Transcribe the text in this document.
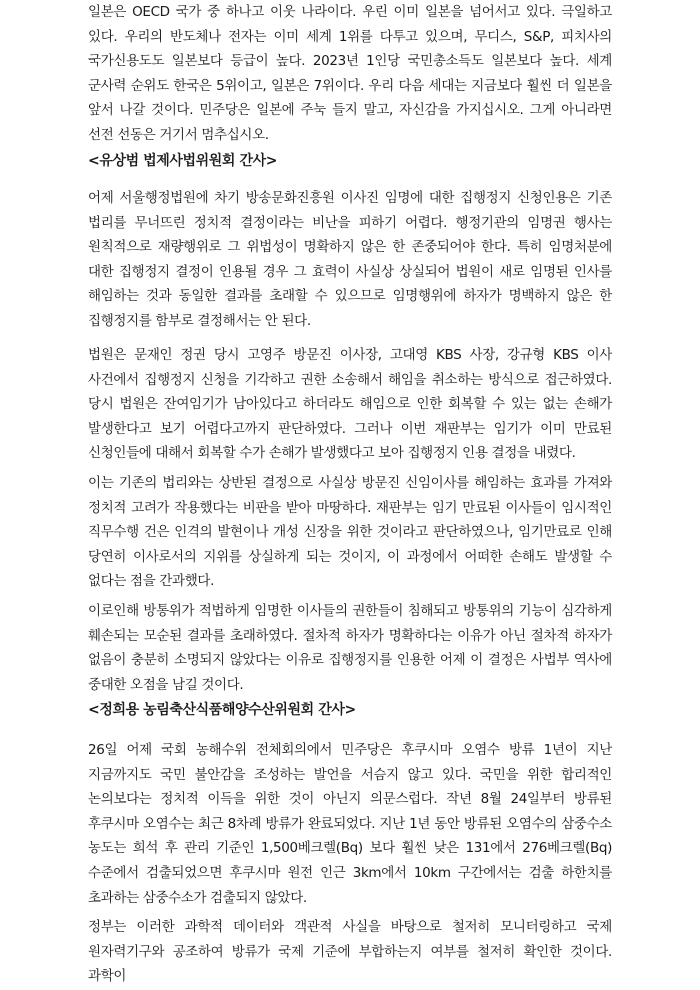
일본은 OECD 국가 중 하나고 이웃 나라이다. 우린 이미 일본을 넘어서고 있다. 극일하고 있다. 우리의 반도체나 전자는 이미 세계 1위를 다투고 있으며, 무디스, S&P, 피치사의 국가신용도도 일본보다 등급이 높다. 2023년 1인당 국민총소득도 일본보다 높다. 세계 군사력 순위도 한국은 5위이고, 일본은 7위이다. 우리 다음 세대는 지금보다 훨씬 더 일본을 앞서 나갈 것이다. 민주당은 일본에 주눅 들지 말고, 자신감을 가지십시오. 그게 아니라면 선전 선동은 거기서 멈추십시오.

<유상범 법제사법위원회 간사>

어제 서울행정법원에 차기 방송문화진흥원 이사진 임명에 대한 집행정지 신청인용은 기존 법리를 무너뜨린 정치적 결정이라는 비난을 피하기 어렵다. 행정기관의 임명권 행사는 원칙적으로 재량행위로 그 위법성이 명확하지 않은 한 존중되어야 한다. 특히 임명처분에 대한 집행정지 결정이 인용될 경우 그 효력이 사실상 상실되어 법원이 새로 임명된 인사를 해임하는 것과 동일한 결과를 초래할 수 있으므로 임명행위에 하자가 명백하지 않은 한 집행정지를 함부로 결정해서는 안 된다.

법원은 문재인 정권 당시 고영주 방문진 이사장, 고대영 KBS 사장, 강규형 KBS 이사 사건에서 집행정지 신청을 기각하고 권한 소송해서 해임을 취소하는 방식으로 접근하였다. 당시 법원은 잔여임기가 남아있다고 하더라도 해임으로 인한 회복할 수 있는 없는 손해가 발생한다고 보기 어렵다고까지 판단하였다. 그러나 이번 재판부는 임기가 이미 만료된 신청인들에 대해서 회복할 수가 손해가 발생했다고 보아 집행정지 인용 결정을 내렸다.

이는 기존의 법리와는 상반된 결정으로 사실상 방문진 신임이사를 해임하는 효과를 가져와 정치적 고려가 작용했다는 비판을 받아 마땅하다. 재판부는 임기 만료된 이사들이 임시적인 직무수행 건은 인격의 발현이나 개성 신장을 위한 것이라고 판단하였으나, 임기만료로 인해 당연히 이사로서의 지위를 상실하게 되는 것이지, 이 과정에서 어떠한 손해도 발생할 수 없다는 점을 간과했다.

이로인해 방통위가 적법하게 임명한 이사들의 권한들이 침해되고 방통위의 기능이 심각하게 훼손되는 모순된 결과를 초래하였다. 절차적 하자가 명확하다는 이유가 아닌 절차적 하자가 없음이 충분히 소명되지 않았다는 이유로 집행정지를 인용한 어제 이 결정은 사법부 역사에 중대한 오점을 남길 것이다.

<정희용 농림축산식품해양수산위원회 간사>

26일 어제 국회 농해수위 전체회의에서 민주당은 후쿠시마 오염수 방류 1년이 지난 지금까지도 국민 불안감을 조성하는 발언을 서슴지 않고 있다. 국민을 위한 합리적인 논의보다는 정치적 이득을 위한 것이 아닌지 의문스럽다. 작년 8월 24일부터 방류된 후쿠시마 오염수는 최근 8차례 방류가 완료되었다. 지난 1년 동안 방류된 오염수의 삼중수소 농도는 희석 후 관리 기준인 1,500베크렐(Bq) 보다 훨씬 낮은 131에서 276베크렐(Bq) 수준에서 검출되었으면 후쿠시마 원전 인근 3km에서 10km 구간에서는 검출 하한치를 초과하는 삼중수소가 검출되지 않았다.

정부는 이러한 과학적 데이터와 객관적 사실을 바탕으로 철저히 모니터링하고 국제 원자력기구와 공조하여 방류가 국제 기준에 부합하는지 여부를 철저히 확인한 것이다. 과학이
